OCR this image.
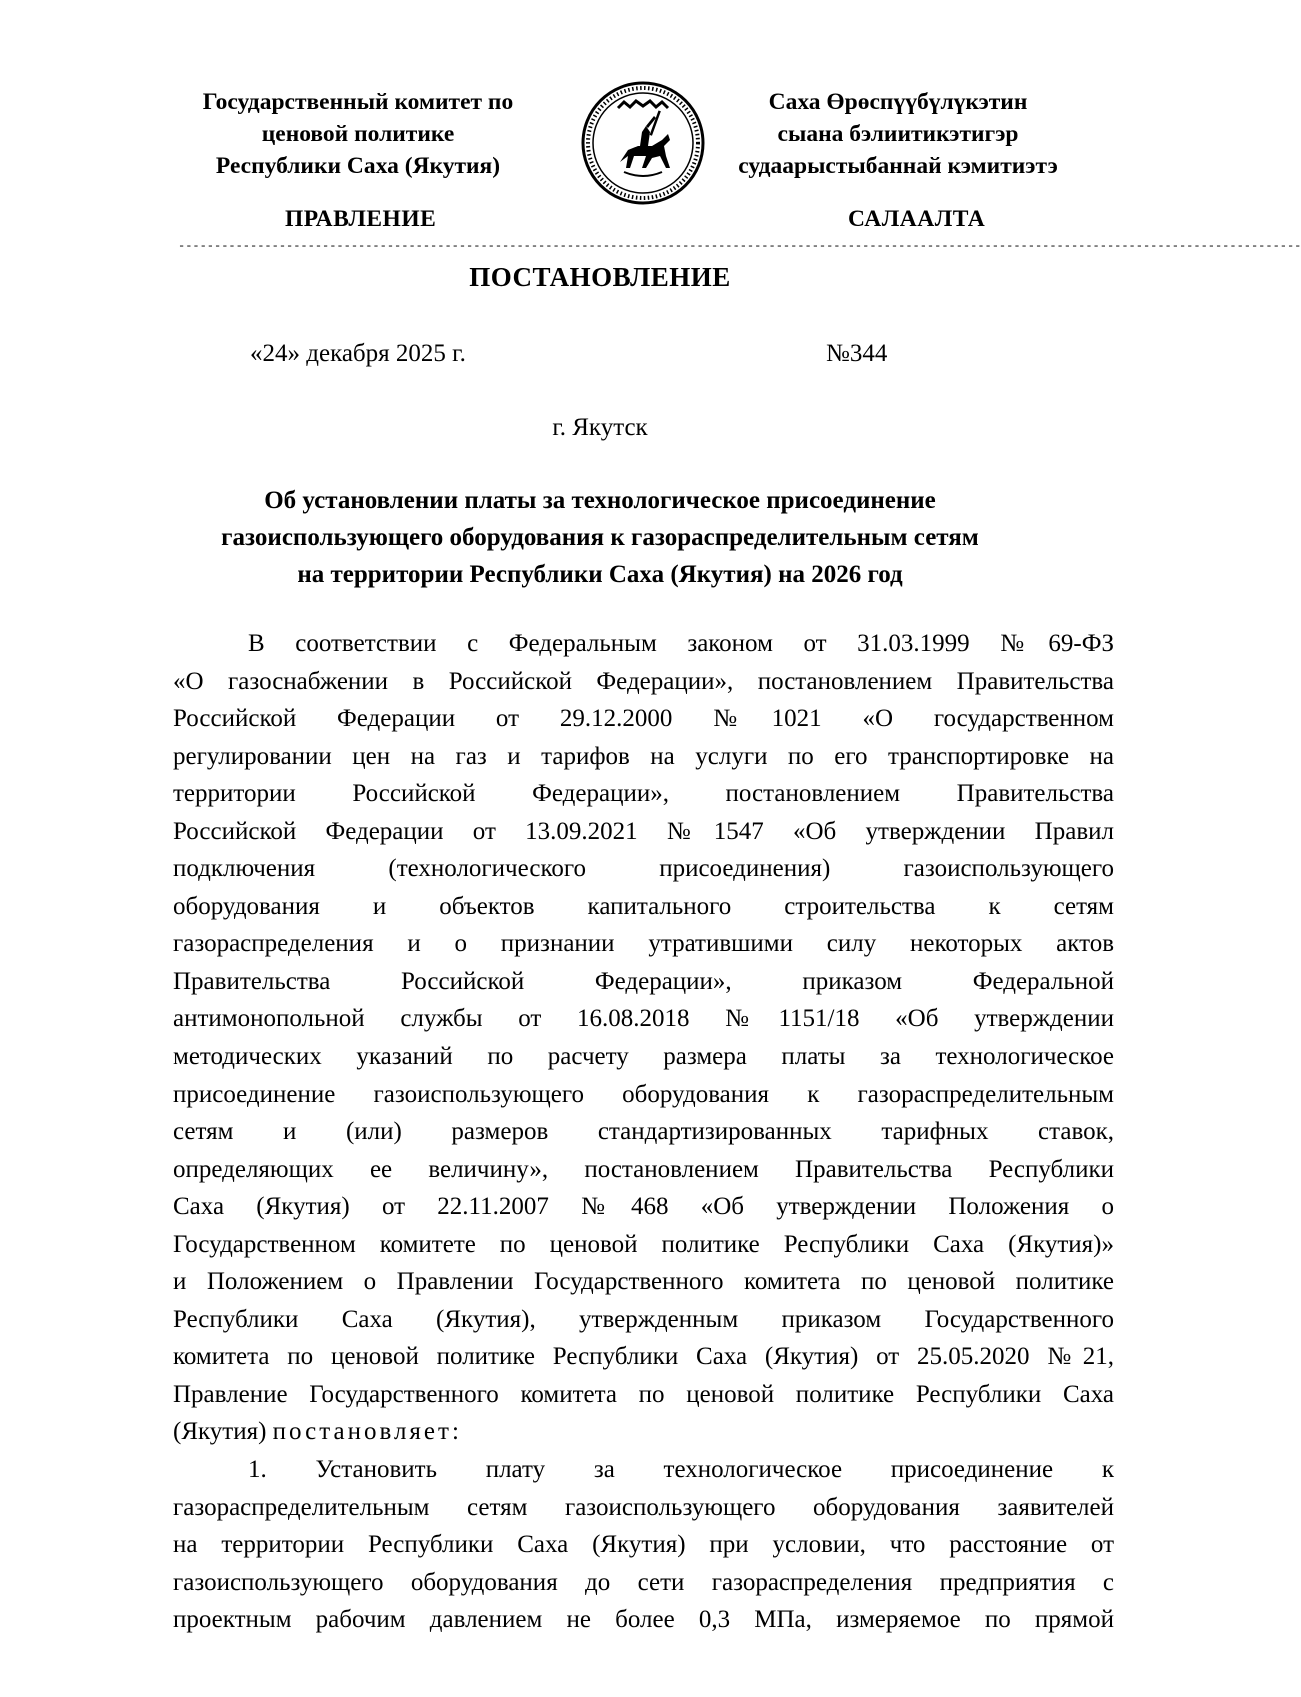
Государственный комитет по
ценовой политике
Республики Саха (Якутия)
Саха Өрөспүүбүлүкэтин
сыана бэлиитикэтигэр
судаарыстыбаннай кэмитиэтэ
ПРАВЛЕНИЕ	САЛААЛТА
------------------------------------------------------------------------------------------------------------------------------------------------------------
ПОСТАНОВЛЕНИЕ
«24» декабря 2025 г.	№344
г. Якутск
Об установлении платы за технологическое присоединение
газоиспользующего оборудования к газораспределительным сетям
на территории Республики Саха (Якутия) на 2026 год
В соответствии с Федеральным законом от 31.03.1999 №69-ФЗ
«О газоснабжении в Российской Федерации», постановлением Правительства
Российской Федерации от 29.12.2000 №1021 «О государственном
регулировании цен на газ и тарифов на услуги по его транспортировке на
территории Российской Федерации», постановлением Правительства
Российской Федерации от 13.09.2021 №1547 «Об утверждении Правил
подключения (технологического присоединения) газоиспользующего
оборудования и объектов капитального строительства к сетям
газораспределения и о признании утратившими силу некоторых актов
Правительства Российской Федерации», приказом Федеральной
антимонопольной службы от 16.08.2018 №1151/18 «Об утверждении
методических указаний по расчету размера платы за технологическое
присоединение газоиспользующего оборудования к газораспределительным
сетям и (или) размеров стандартизированных тарифных ставок,
определяющих ее величину», постановлением Правительства Республики
Саха (Якутия) от 22.11.2007 №468 «Об утверждении Положения о
Государственном комитете по ценовой политике Республики Саха (Якутия)»
и Положением о Правлении Государственного комитета по ценовой политике
Республики Саха (Якутия), утвержденным приказом Государственного
комитета по ценовой политике Республики Саха (Якутия) от 25.05.2020 №21,
Правление Государственного комитета по ценовой политике Республики Саха
(Якутия) постановляет:
1. Установить плату за технологическое присоединение к
газораспределительным сетям газоиспользующего оборудования заявителей
на территории Республики Саха (Якутия) при условии, что расстояние от
газоиспользующего оборудования до сети газораспределения предприятия с
проектным рабочим давлением не более 0,3 МПа, измеряемое по прямой
